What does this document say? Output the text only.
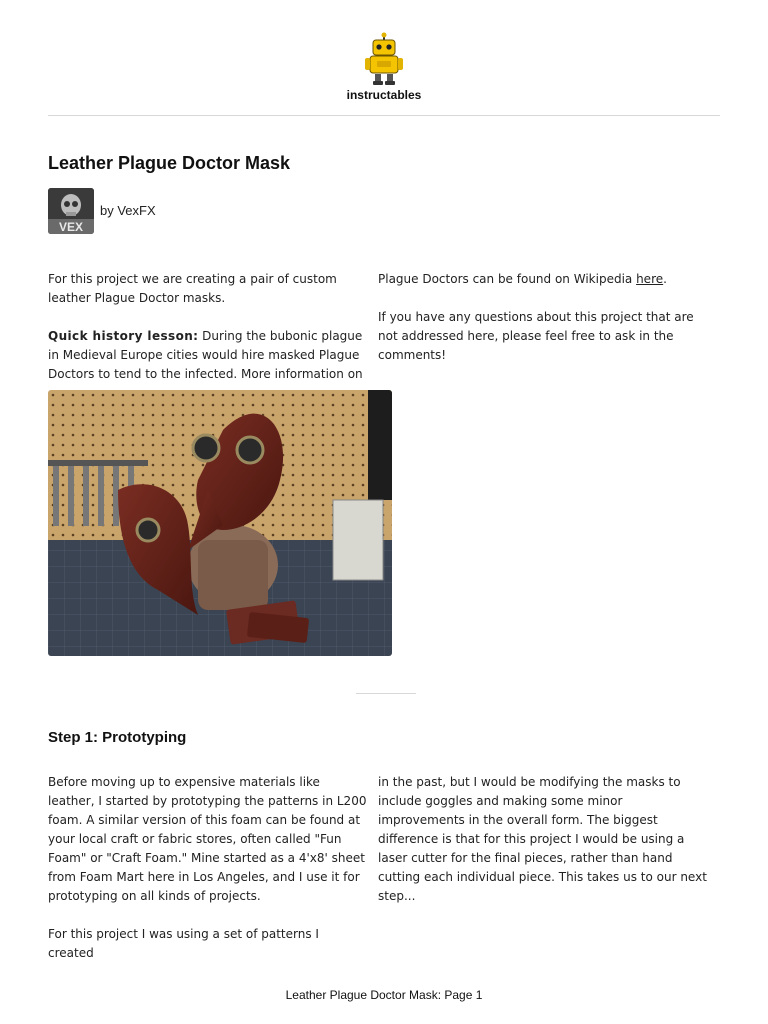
instructables
Leather Plague Doctor Mask
VEX
by VexFX

For this project we are creating a pair of custom leather Plague Doctor masks.

Quick history lesson: During the bubonic plague in Medieval Europe cities would hire masked Plague Doctors to tend to the infected. More information on

Plague Doctors can be found on Wikipedia here.

If you have any questions about this project that are not addressed here, please feel free to ask in the comments!

Step 1: Prototyping

Before moving up to expensive materials like leather, I started by prototyping the patterns in L200 foam. A similar version of this foam can be found at your local craft or fabric stores, often called "Fun Foam" or "Craft Foam." Mine started as a 4'x8' sheet from Foam Mart here in Los Angeles, and I use it for prototyping on all kinds of projects.

For this project I was using a set of patterns I created

in the past, but I would be modifying the masks to include goggles and making some minor improvements in the overall form. The biggest difference is that for this project I would be using a laser cutter for the final pieces, rather than hand cutting each individual piece. This takes us to our next step...

Leather Plague Doctor Mask: Page 1
